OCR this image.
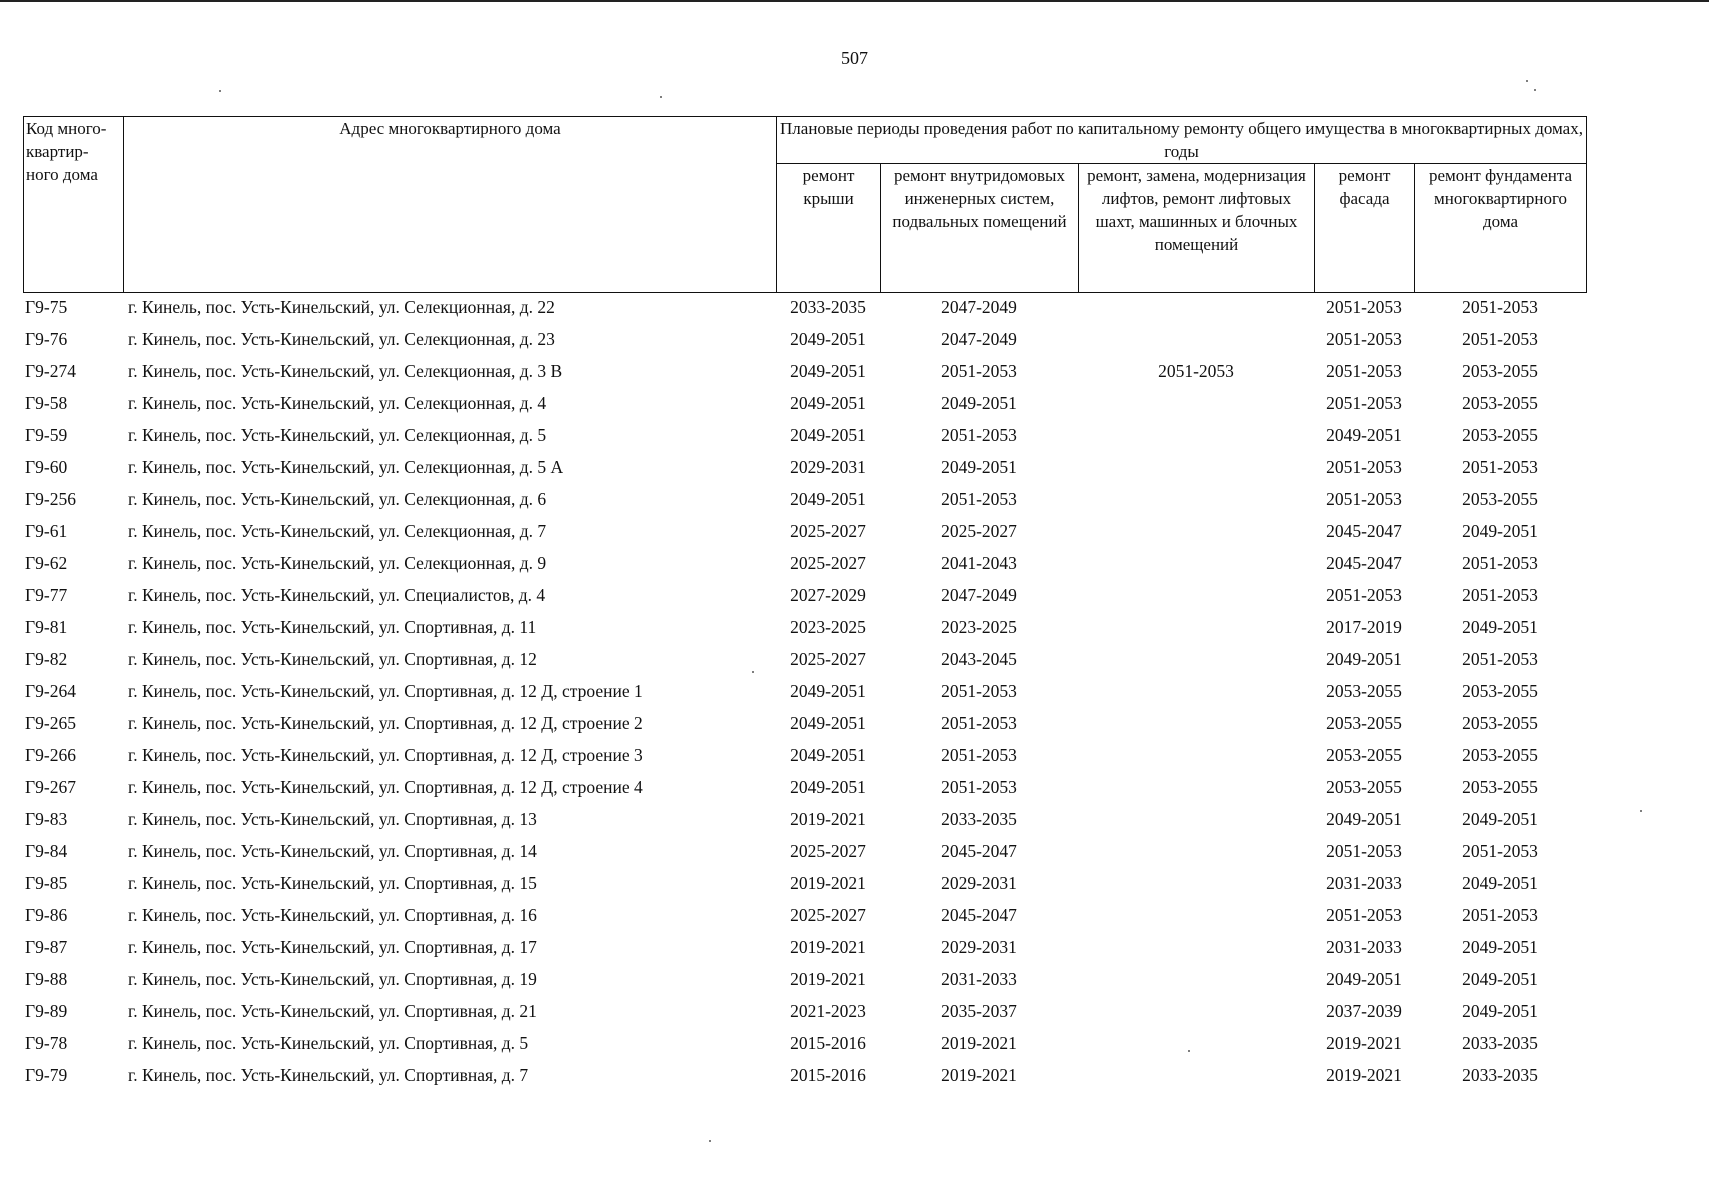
507
Код много-квартир-ного дома	Адрес многоквартирного дома	Плановые периоды проведения работ по капитальному ремонту общего имущества в многоквартирных домах, годы				
		ремонт крыши	ремонт внутридомовых инженерных систем, подвальных помещений	ремонт, замена, модернизация лифтов, ремонт лифтовых шахт, машинных и блочных помещений	ремонт фасада	ремонт фундамента многоквартирного дома
Г9-75	г. Кинель, пос. Усть-Кинельский, ул. Селекционная, д. 22	2033-2035	2047-2049		2051-2053	2051-2053
Г9-76	г. Кинель, пос. Усть-Кинельский, ул. Селекционная, д. 23	2049-2051	2047-2049		2051-2053	2051-2053
Г9-274	г. Кинель, пос. Усть-Кинельский, ул. Селекционная, д. 3 В	2049-2051	2051-2053	2051-2053	2051-2053	2053-2055
Г9-58	г. Кинель, пос. Усть-Кинельский, ул. Селекционная, д. 4	2049-2051	2049-2051		2051-2053	2053-2055
Г9-59	г. Кинель, пос. Усть-Кинельский, ул. Селекционная, д. 5	2049-2051	2051-2053		2049-2051	2053-2055
Г9-60	г. Кинель, пос. Усть-Кинельский, ул. Селекционная, д. 5 А	2029-2031	2049-2051		2051-2053	2051-2053
Г9-256	г. Кинель, пос. Усть-Кинельский, ул. Селекционная, д. 6	2049-2051	2051-2053		2051-2053	2053-2055
Г9-61	г. Кинель, пос. Усть-Кинельский, ул. Селекционная, д. 7	2025-2027	2025-2027		2045-2047	2049-2051
Г9-62	г. Кинель, пос. Усть-Кинельский, ул. Селекционная, д. 9	2025-2027	2041-2043		2045-2047	2051-2053
Г9-77	г. Кинель, пос. Усть-Кинельский, ул. Специалистов, д. 4	2027-2029	2047-2049		2051-2053	2051-2053
Г9-81	г. Кинель, пос. Усть-Кинельский, ул. Спортивная, д. 11	2023-2025	2023-2025		2017-2019	2049-2051
Г9-82	г. Кинель, пос. Усть-Кинельский, ул. Спортивная, д. 12	2025-2027	2043-2045		2049-2051	2051-2053
Г9-264	г. Кинель, пос. Усть-Кинельский, ул. Спортивная, д. 12 Д, строение 1	2049-2051	2051-2053		2053-2055	2053-2055
Г9-265	г. Кинель, пос. Усть-Кинельский, ул. Спортивная, д. 12 Д, строение 2	2049-2051	2051-2053		2053-2055	2053-2055
Г9-266	г. Кинель, пос. Усть-Кинельский, ул. Спортивная, д. 12 Д, строение 3	2049-2051	2051-2053		2053-2055	2053-2055
Г9-267	г. Кинель, пос. Усть-Кинельский, ул. Спортивная, д. 12 Д, строение 4	2049-2051	2051-2053		2053-2055	2053-2055
Г9-83	г. Кинель, пос. Усть-Кинельский, ул. Спортивная, д. 13	2019-2021	2033-2035		2049-2051	2049-2051
Г9-84	г. Кинель, пос. Усть-Кинельский, ул. Спортивная, д. 14	2025-2027	2045-2047		2051-2053	2051-2053
Г9-85	г. Кинель, пос. Усть-Кинельский, ул. Спортивная, д. 15	2019-2021	2029-2031		2031-2033	2049-2051
Г9-86	г. Кинель, пос. Усть-Кинельский, ул. Спортивная, д. 16	2025-2027	2045-2047		2051-2053	2051-2053
Г9-87	г. Кинель, пос. Усть-Кинельский, ул. Спортивная, д. 17	2019-2021	2029-2031		2031-2033	2049-2051
Г9-88	г. Кинель, пос. Усть-Кинельский, ул. Спортивная, д. 19	2019-2021	2031-2033		2049-2051	2049-2051
Г9-89	г. Кинель, пос. Усть-Кинельский, ул. Спортивная, д. 21	2021-2023	2035-2037		2037-2039	2049-2051
Г9-78	г. Кинель, пос. Усть-Кинельский, ул. Спортивная, д. 5	2015-2016	2019-2021		2019-2021	2033-2035
Г9-79	г. Кинель, пос. Усть-Кинельский, ул. Спортивная, д. 7	2015-2016	2019-2021		2019-2021	2033-2035
